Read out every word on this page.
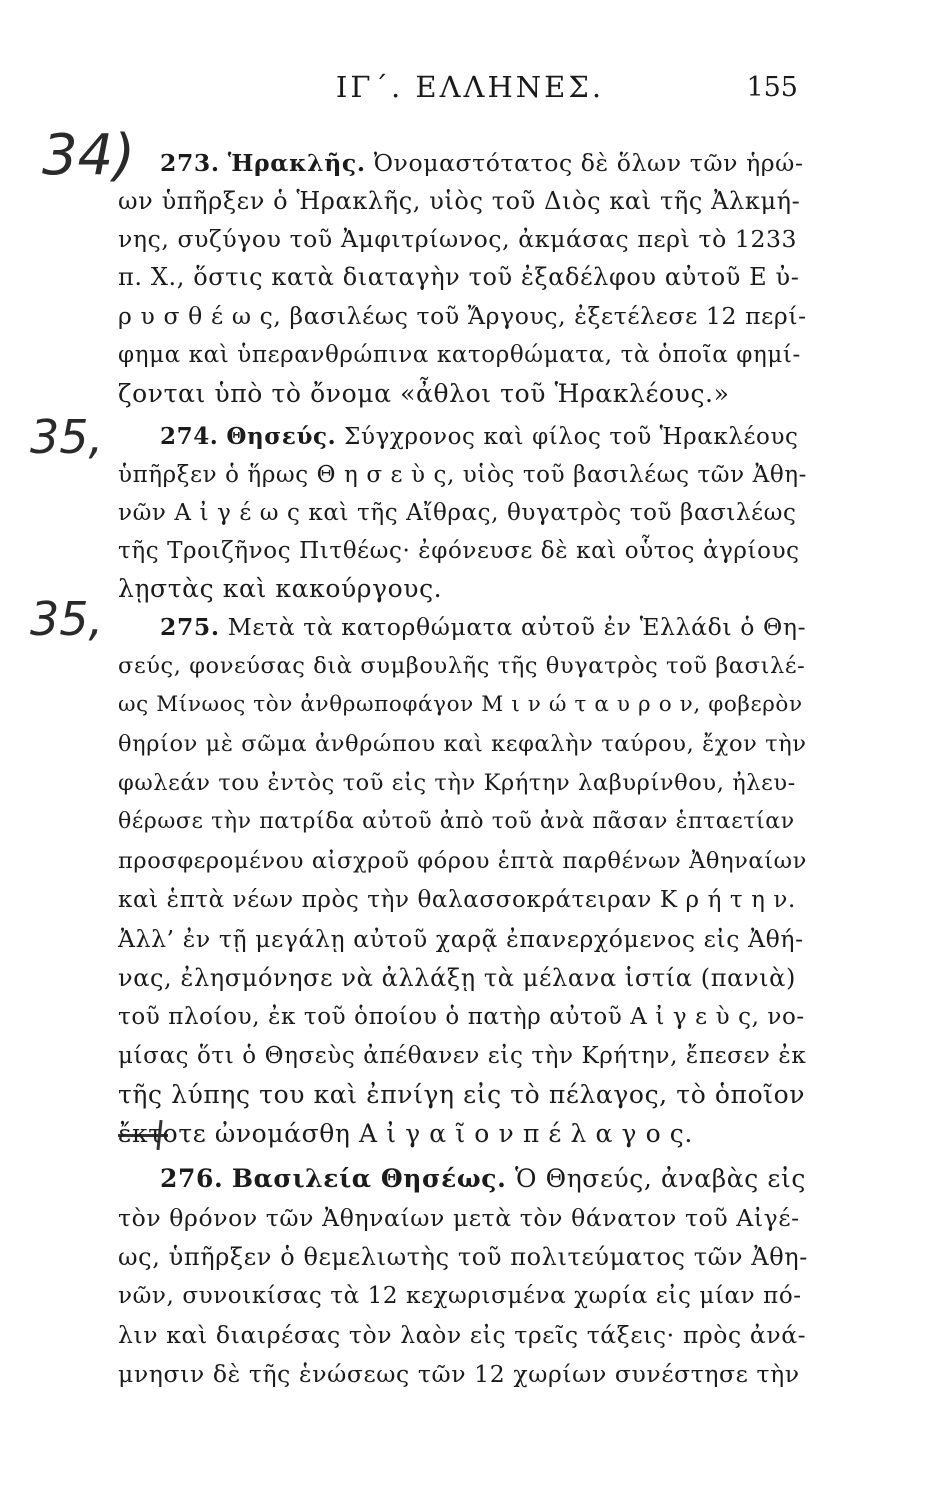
ΙΓ΄. ΕΛΛΗΝΕΣ.	155
34)
35,
35,
273. Ἡρακλῆς. Ὀνομαστότατος δὲ ὅλων τῶν ἡρώ-
ων ὑπῆρξεν ὁ Ἡρακλῆς, υἱὸς τοῦ Διὸς καὶ τῆς Ἀλκμή-
νης, συζύγου τοῦ Ἀμφιτρίωνος, ἀκμάσας περὶ τὸ 1233
π. Χ., ὅστις κατὰ διαταγὴν τοῦ ἐξαδέλφου αὐτοῦ Ε ὐ-
ρ υ σ θ έ ω ς, βασιλέως τοῦ Ἄργους, ἐξετέλεσε 12 περί-
φημα καὶ ὑπερανθρώπινα κατορθώματα, τὰ ὁποῖα φημί-
ζονται ὑπὸ τὸ ὄνομα «ἆθλοι τοῦ Ἡρακλέους.»
274. Θησεύς. Σύγχρονος καὶ φίλος τοῦ Ἡρακλέους
ὑπῆρξεν ὁ ἥρως Θ η σ ε ὺ ς, υἱὸς τοῦ βασιλέως τῶν Ἀθη-
νῶν Α ἰ γ έ ω ς καὶ τῆς Αἴθρας, θυγατρὸς τοῦ βασιλέως
τῆς Τροιζῆνος Πιτθέως· ἐφόνευσε δὲ καὶ οὗτος ἀγρίους
λῃστὰς καὶ κακούργους.
275. Μετὰ τὰ κατορθώματα αὐτοῦ ἐν Ἑλλάδι ὁ Θη-
σεύς, φονεύσας διὰ συμβουλῆς τῆς θυγατρὸς τοῦ βασιλέ-
ως Μίνωος τὸν ἀνθρωποφάγον Μ ι ν ώ τ α υ ρ ο ν, φοβερὸν
θηρίον μὲ σῶμα ἀνθρώπου καὶ κεφαλὴν ταύρου, ἔχον τὴν
φωλεάν του ἐντὸς τοῦ εἰς τὴν Κρήτην λαβυρίνθου, ἠλευ-
θέρωσε τὴν πατρίδα αὐτοῦ ἀπὸ τοῦ ἀνὰ πᾶσαν ἑπταετίαν
προσφερομένου αἰσχροῦ φόρου ἑπτὰ παρθένων Ἀθηναίων
καὶ ἑπτὰ νέων πρὸς τὴν θαλασσοκράτειραν Κ ρ ή τ η ν.
Ἀλλ’ ἐν τῇ μεγάλῃ αὐτοῦ χαρᾷ ἐπανερχόμενος εἰς Ἀθή-
νας, ἐλησμόνησε νὰ ἀλλάξῃ τὰ μέλανα ἱστία (πανιὰ)
τοῦ πλοίου, ἐκ τοῦ ὁποίου ὁ πατὴρ αὐτοῦ Α ἰ γ ε ὺ ς, νο-
μίσας ὅτι ὁ Θησεὺς ἀπέθανεν εἰς τὴν Κρήτην, ἔπεσεν ἐκ
τῆς λύπης του καὶ ἐπνίγη εἰς τὸ πέλαγος, τὸ ὁποῖον
ἔκτοτε ὠνομάσθη Α ἰ γ α ῖ ο ν π έ λ α γ ο ς.
276. Βασιλεία Θησέως. Ὁ Θησεύς, ἀναβὰς εἰς
τὸν θρόνον τῶν Ἀθηναίων μετὰ τὸν θάνατον τοῦ Αἰγέ-
ως, ὑπῆρξεν ὁ θεμελιωτὴς τοῦ πολιτεύματος τῶν Ἀθη-
νῶν, συνοικίσας τὰ 12 κεχωρισμένα χωρία εἰς μίαν πό-
λιν καὶ διαιρέσας τὸν λαὸν εἰς τρεῖς τάξεις· πρὸς ἀνά-
μνησιν δὲ τῆς ἑνώσεως τῶν 12 χωρίων συνέστησε τὴν
